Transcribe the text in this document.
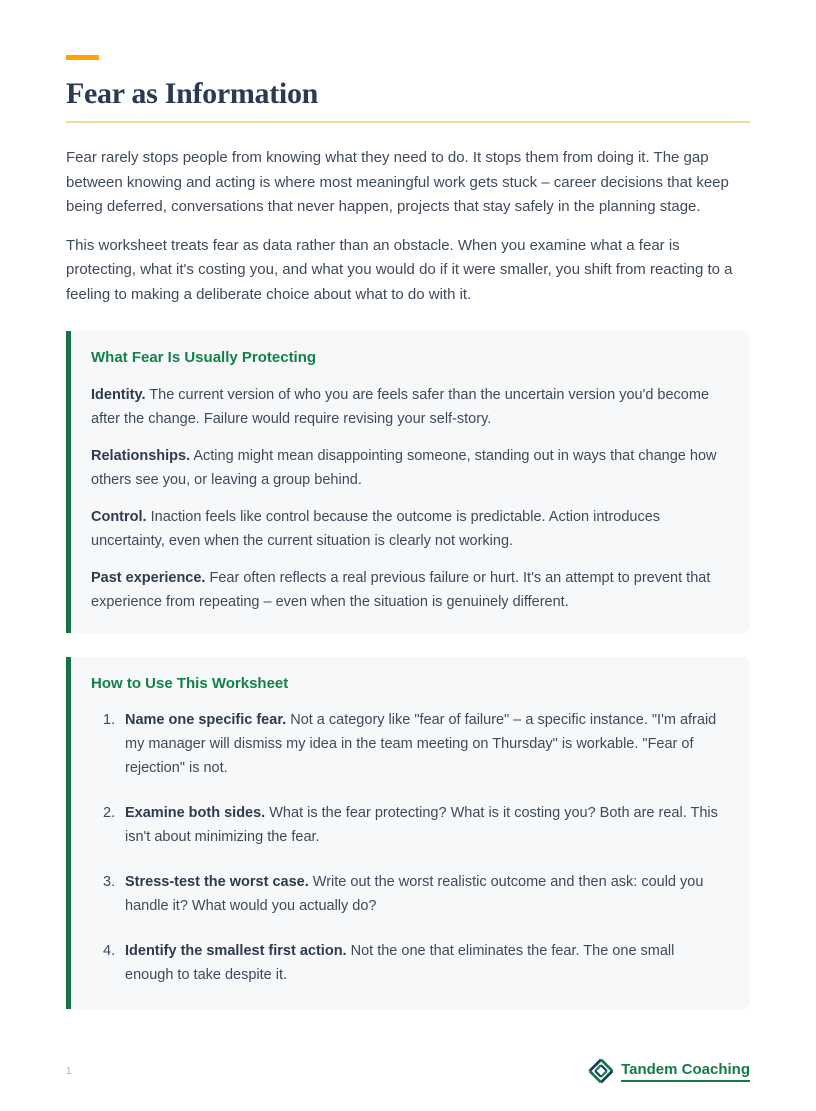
Fear as Information

Fear rarely stops people from knowing what they need to do. It stops them from doing it. The gap between knowing and acting is where most meaningful work gets stuck – career decisions that keep being deferred, conversations that never happen, projects that stay safely in the planning stage.

This worksheet treats fear as data rather than an obstacle. When you examine what a fear is protecting, what it's costing you, and what you would do if it were smaller, you shift from reacting to a feeling to making a deliberate choice about what to do with it.

What Fear Is Usually Protecting

Identity. The current version of who you are feels safer than the uncertain version you'd become after the change. Failure would require revising your self-story.

Relationships. Acting might mean disappointing someone, standing out in ways that change how others see you, or leaving a group behind.

Control. Inaction feels like control because the outcome is predictable. Action introduces uncertainty, even when the current situation is clearly not working.

Past experience. Fear often reflects a real previous failure or hurt. It's an attempt to prevent that experience from repeating – even when the situation is genuinely different.

How to Use This Worksheet
Name one specific fear. Not a category like "fear of failure" – a specific instance. "I'm afraid my manager will dismiss my idea in the team meeting on Thursday" is workable. "Fear of rejection" is not.
Examine both sides. What is the fear protecting? What is it costing you? Both are real. This isn't about minimizing the fear.
Stress-test the worst case. Write out the worst realistic outcome and then ask: could you handle it? What would you actually do?
Identify the smallest first action. Not the one that eliminates the fear. The one small enough to take despite it.
1	Tandem Coaching
